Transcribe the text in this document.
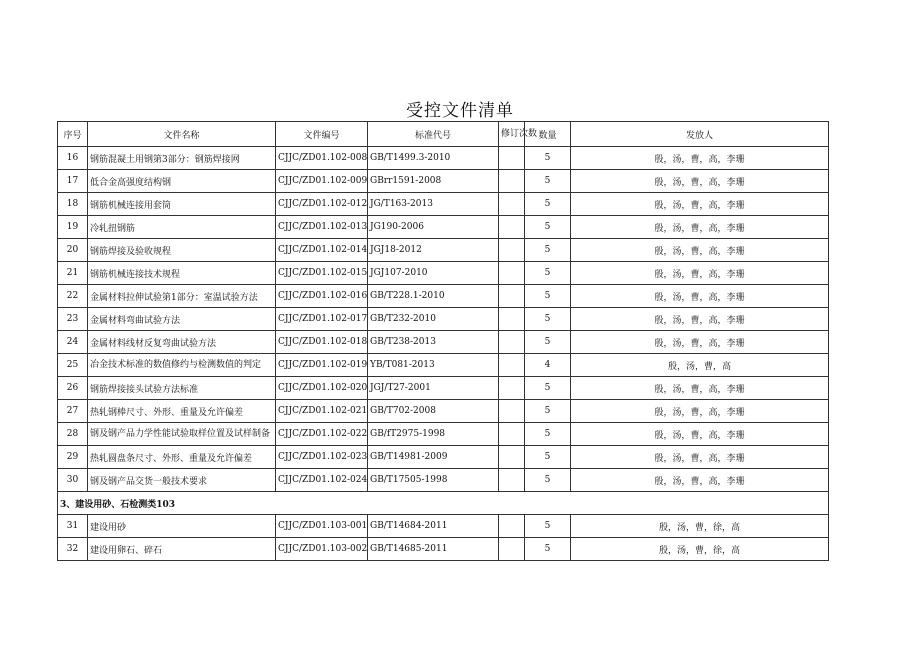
受控文件清单
序号	文件名称	文件编号	标准代号	修订次数	数量	发放人
16	钢筋混凝土用钢第3部分：钢筋焊接网	CJJC/ZD01.102-008	GB/T1499.3-2010		5	殷，汤，曹，高，李珊
17	低合金高强度结构钢	CJJC/ZD01.102-009	GBrr1591-2008		5	殷，汤，曹，高，李珊
18	钢筋机械连接用套筒	CJJC/ZD01.102-012	JG/T163-2013		5	殷，汤，曹，高，李珊
19	冷轧扭钢筋	CJJC/ZD01.102-013	JG190-2006		5	殷，汤，曹，高，李珊
20	钢筋焊接及验收规程	CJJC/ZD01.102-014	JGJ18-2012		5	殷，汤，曹，高，李珊
21	钢筋机械连接技术规程	CJJC/ZD01.102-015	JGJ107-2010		5	殷，汤，曹，高，李珊
22	金属材料拉伸试验第1部分：室温试验方法	CJJC/ZD01.102-016	GB/T228.1-2010		5	殷，汤，曹，高，李珊
23	金属材料弯曲试验方法	CJJC/ZD01.102-017	GB/T232-2010		5	殷，汤，曹，高，李珊
24	金属材料线材反复弯曲试验方法	CJJC/ZD01.102-018	GB/T238-2013		5	殷，汤，曹，高，李珊
25	冶金技术标准的数值修约与检测数值的判定	CJJC/ZD01.102-019	YB/T081-2013		4	殷，汤，曹，高
26	钢筋焊接接头试验方法标准	CJJC/ZD01.102-020	JGJ/T27-2001		5	殷，汤，曹，高，李珊
27	热轧钢棒尺寸、外形、重量及允许偏差	CJJC/ZD01.102-021	GB/T702-2008		5	殷，汤，曹，高，李珊
28	钢及钢产品力学性能试验取样位置及试样制备	CJJC/ZD01.102-022	GB/fT2975-1998		5	殷，汤，曹，高，李珊
29	热轧圆盘条尺寸、外形、重量及允许偏差	CJJC/ZD01.102-023	GB/T14981-2009		5	殷，汤，曹，高，李珊
30	钢及钢产品交货一般技术要求	CJJC/ZD01.102-024	GB/T17505-1998		5	殷，汤，曹，高，李珊
3、建设用砂、石检测类103						
31	建设用砂	CJJC/ZD01.103-001	GB/T14684-2011		5	殷，汤，曹，徐，高
32	建设用卵石、碎石	CJJC/ZD01.103-002	GB/T14685-2011		5	殷，汤，曹，徐，高
